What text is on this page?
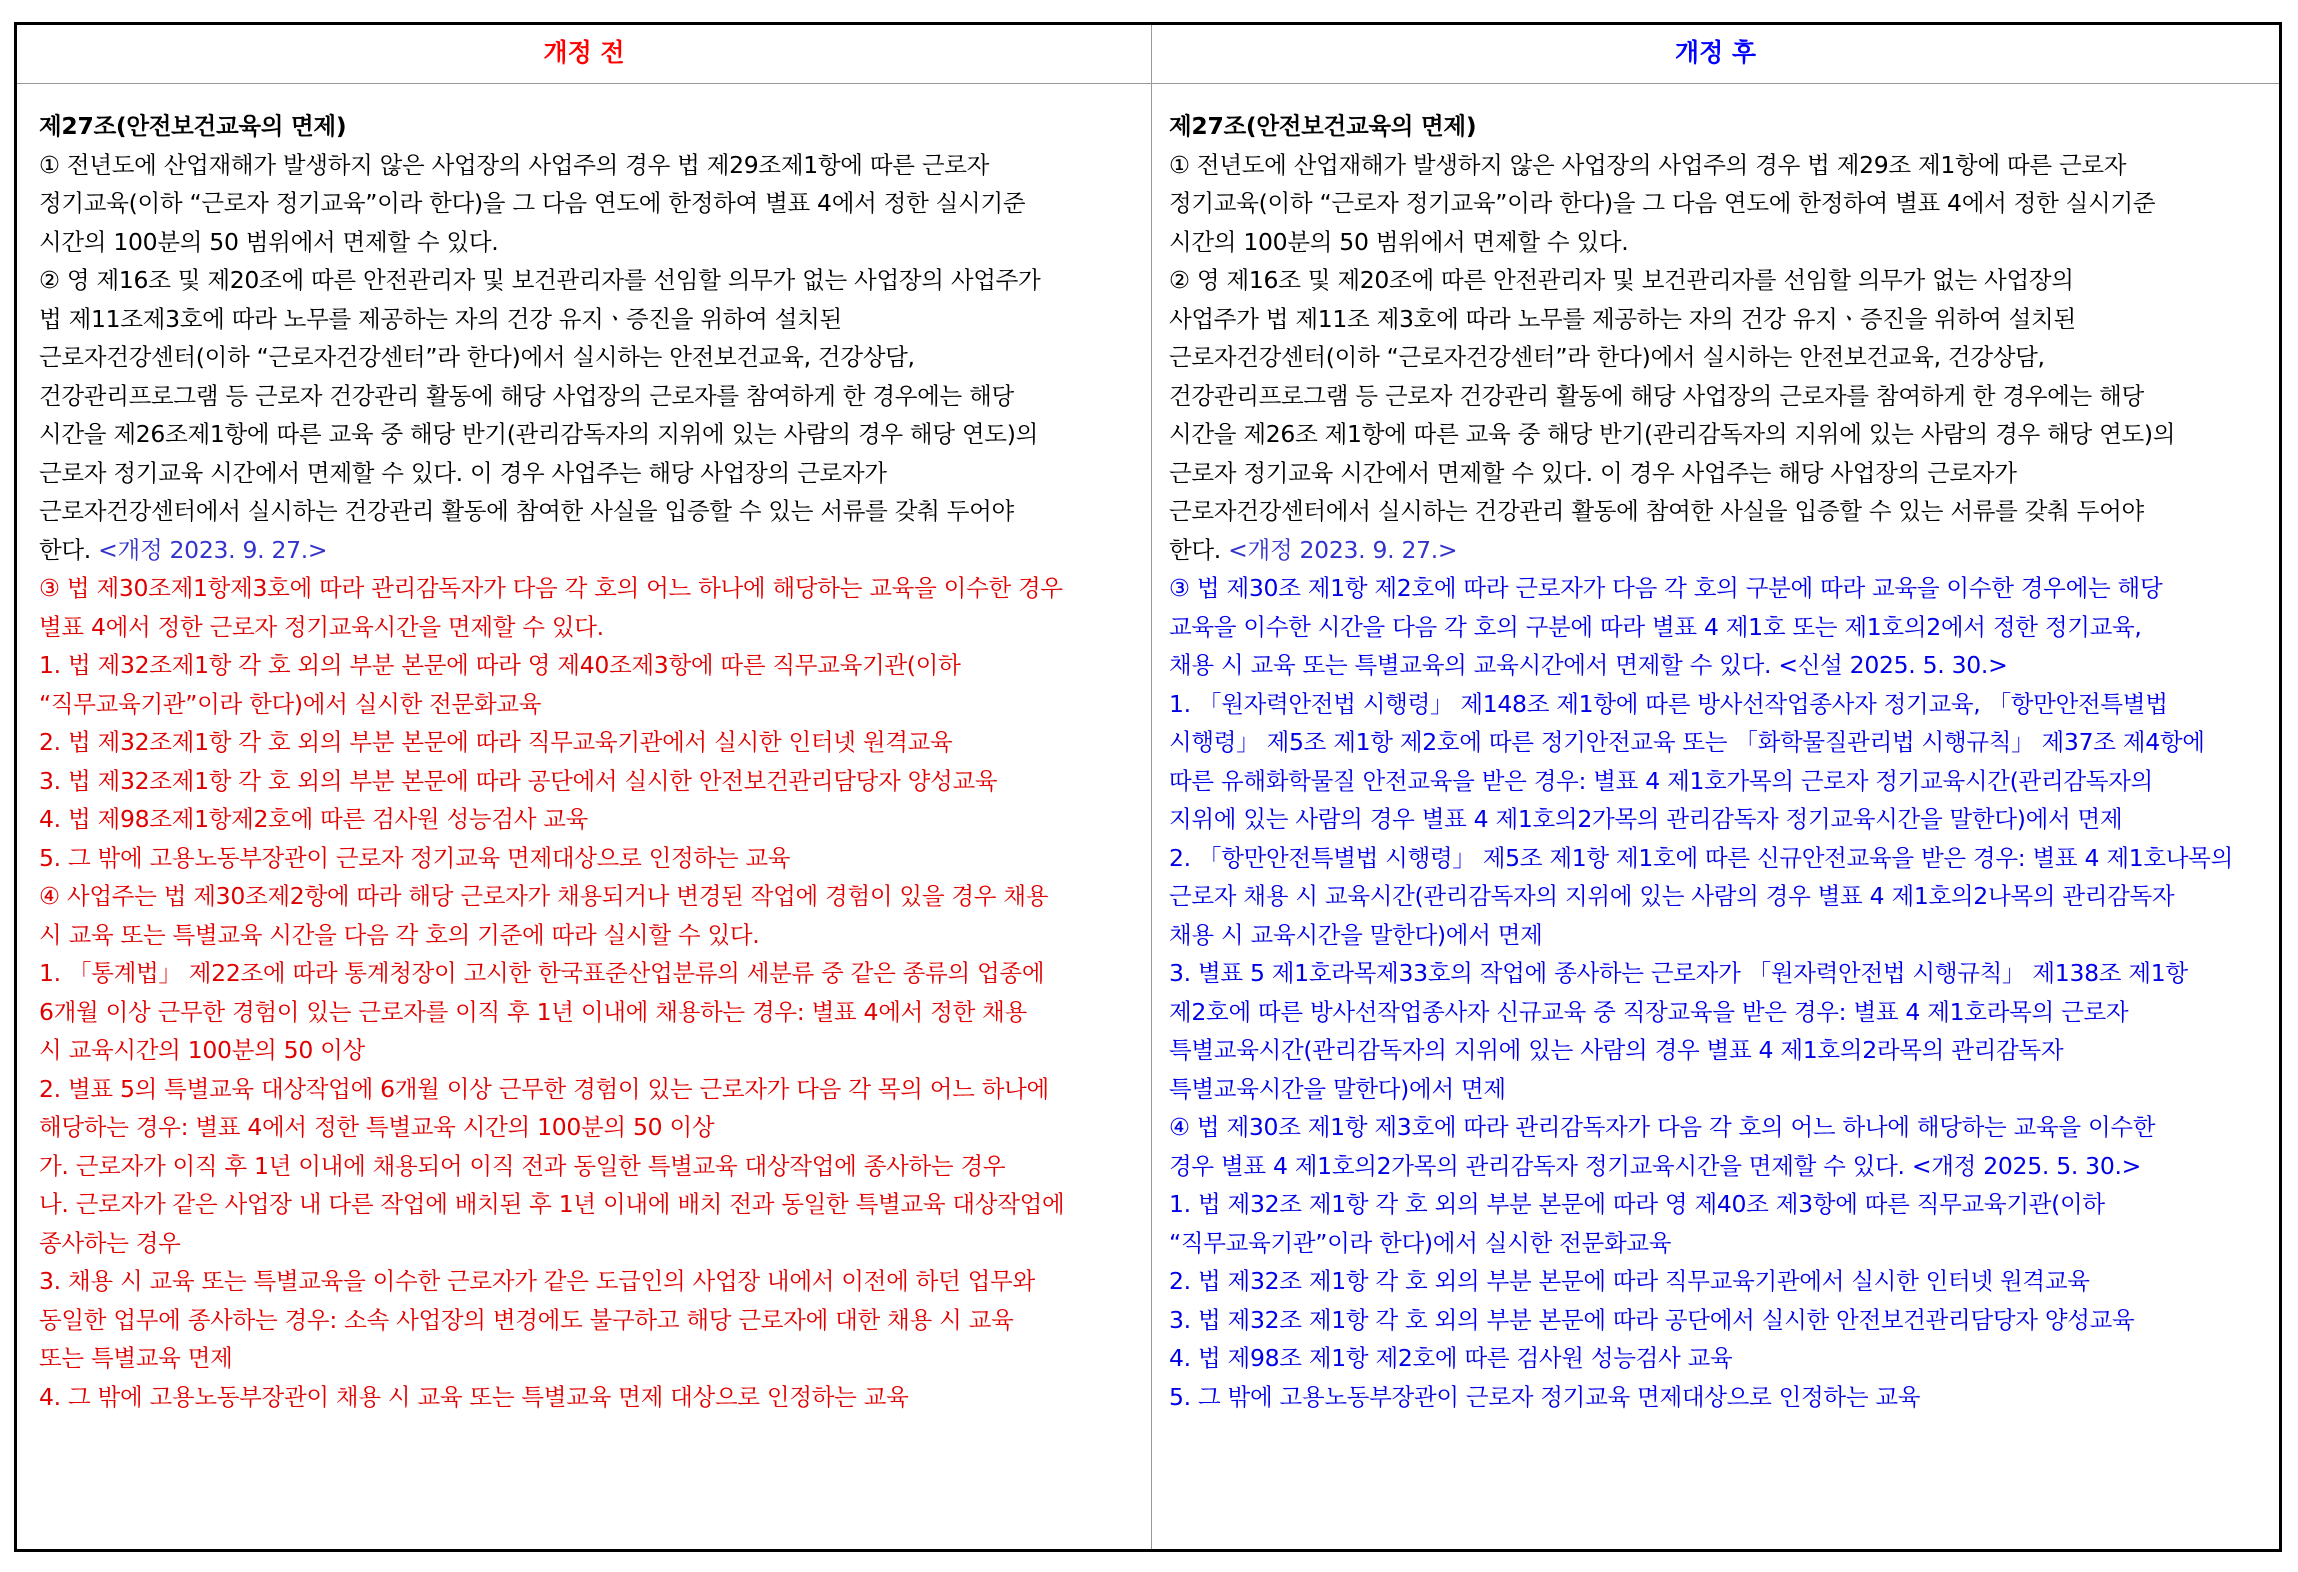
개정 전	개정 후
제27조(안전보건교육의 면제)
① 전년도에 산업재해가 발생하지 않은 사업장의 사업주의 경우 법 제29조제1항에 따른 근로자
정기교육(이하 “근로자 정기교육”이라 한다)을 그 다음 연도에 한정하여 별표 4에서 정한 실시기준
시간의 100분의 50 범위에서 면제할 수 있다.
② 영 제16조 및 제20조에 따른 안전관리자 및 보건관리자를 선임할 의무가 없는 사업장의 사업주가
법 제11조제3호에 따라 노무를 제공하는 자의 건강 유지ㆍ증진을 위하여 설치된
근로자건강센터(이하 “근로자건강센터”라 한다)에서 실시하는 안전보건교육, 건강상담,
건강관리프로그램 등 근로자 건강관리 활동에 해당 사업장의 근로자를 참여하게 한 경우에는 해당
시간을 제26조제1항에 따른 교육 중 해당 반기(관리감독자의 지위에 있는 사람의 경우 해당 연도)의
근로자 정기교육 시간에서 면제할 수 있다. 이 경우 사업주는 해당 사업장의 근로자가
근로자건강센터에서 실시하는 건강관리 활동에 참여한 사실을 입증할 수 있는 서류를 갖춰 두어야
한다. <개정 2023. 9. 27.>
③ 법 제30조제1항제3호에 따라 관리감독자가 다음 각 호의 어느 하나에 해당하는 교육을 이수한 경우
별표 4에서 정한 근로자 정기교육시간을 면제할 수 있다.
1. 법 제32조제1항 각 호 외의 부분 본문에 따라 영 제40조제3항에 따른 직무교육기관(이하
“직무교육기관”이라 한다)에서 실시한 전문화교육
2. 법 제32조제1항 각 호 외의 부분 본문에 따라 직무교육기관에서 실시한 인터넷 원격교육
3. 법 제32조제1항 각 호 외의 부분 본문에 따라 공단에서 실시한 안전보건관리담당자 양성교육
4. 법 제98조제1항제2호에 따른 검사원 성능검사 교육
5. 그 밖에 고용노동부장관이 근로자 정기교육 면제대상으로 인정하는 교육
④ 사업주는 법 제30조제2항에 따라 해당 근로자가 채용되거나 변경된 작업에 경험이 있을 경우 채용
시 교육 또는 특별교육 시간을 다음 각 호의 기준에 따라 실시할 수 있다.
1. 「통계법」 제22조에 따라 통계청장이 고시한 한국표준산업분류의 세분류 중 같은 종류의 업종에
6개월 이상 근무한 경험이 있는 근로자를 이직 후 1년 이내에 채용하는 경우: 별표 4에서 정한 채용
시 교육시간의 100분의 50 이상
2. 별표 5의 특별교육 대상작업에 6개월 이상 근무한 경험이 있는 근로자가 다음 각 목의 어느 하나에
해당하는 경우: 별표 4에서 정한 특별교육 시간의 100분의 50 이상
가. 근로자가 이직 후 1년 이내에 채용되어 이직 전과 동일한 특별교육 대상작업에 종사하는 경우
나. 근로자가 같은 사업장 내 다른 작업에 배치된 후 1년 이내에 배치 전과 동일한 특별교육 대상작업에
종사하는 경우
3. 채용 시 교육 또는 특별교육을 이수한 근로자가 같은 도급인의 사업장 내에서 이전에 하던 업무와
동일한 업무에 종사하는 경우: 소속 사업장의 변경에도 불구하고 해당 근로자에 대한 채용 시 교육
또는 특별교육 면제
4. 그 밖에 고용노동부장관이 채용 시 교육 또는 특별교육 면제 대상으로 인정하는 교육
제27조(안전보건교육의 면제)
① 전년도에 산업재해가 발생하지 않은 사업장의 사업주의 경우 법 제29조 제1항에 따른 근로자
정기교육(이하 “근로자 정기교육”이라 한다)을 그 다음 연도에 한정하여 별표 4에서 정한 실시기준
시간의 100분의 50 범위에서 면제할 수 있다.
② 영 제16조 및 제20조에 따른 안전관리자 및 보건관리자를 선임할 의무가 없는 사업장의
사업주가 법 제11조 제3호에 따라 노무를 제공하는 자의 건강 유지ㆍ증진을 위하여 설치된
근로자건강센터(이하 “근로자건강센터”라 한다)에서 실시하는 안전보건교육, 건강상담,
건강관리프로그램 등 근로자 건강관리 활동에 해당 사업장의 근로자를 참여하게 한 경우에는 해당
시간을 제26조 제1항에 따른 교육 중 해당 반기(관리감독자의 지위에 있는 사람의 경우 해당 연도)의
근로자 정기교육 시간에서 면제할 수 있다. 이 경우 사업주는 해당 사업장의 근로자가
근로자건강센터에서 실시하는 건강관리 활동에 참여한 사실을 입증할 수 있는 서류를 갖춰 두어야
한다. <개정 2023. 9. 27.>
③ 법 제30조 제1항 제2호에 따라 근로자가 다음 각 호의 구분에 따라 교육을 이수한 경우에는 해당
교육을 이수한 시간을 다음 각 호의 구분에 따라 별표 4 제1호 또는 제1호의2에서 정한 정기교육,
채용 시 교육 또는 특별교육의 교육시간에서 면제할 수 있다. <신설 2025. 5. 30.>
1. 「원자력안전법 시행령」 제148조 제1항에 따른 방사선작업종사자 정기교육, 「항만안전특별법
시행령」 제5조 제1항 제2호에 따른 정기안전교육 또는 「화학물질관리법 시행규칙」 제37조 제4항에
따른 유해화학물질 안전교육을 받은 경우: 별표 4 제1호가목의 근로자 정기교육시간(관리감독자의
지위에 있는 사람의 경우 별표 4 제1호의2가목의 관리감독자 정기교육시간을 말한다)에서 면제
2. 「항만안전특별법 시행령」 제5조 제1항 제1호에 따른 신규안전교육을 받은 경우: 별표 4 제1호나목의
근로자 채용 시 교육시간(관리감독자의 지위에 있는 사람의 경우 별표 4 제1호의2나목의 관리감독자
채용 시 교육시간을 말한다)에서 면제
3. 별표 5 제1호라목제33호의 작업에 종사하는 근로자가 「원자력안전법 시행규칙」 제138조 제1항
제2호에 따른 방사선작업종사자 신규교육 중 직장교육을 받은 경우: 별표 4 제1호라목의 근로자
특별교육시간(관리감독자의 지위에 있는 사람의 경우 별표 4 제1호의2라목의 관리감독자
특별교육시간을 말한다)에서 면제
④ 법 제30조 제1항 제3호에 따라 관리감독자가 다음 각 호의 어느 하나에 해당하는 교육을 이수한
경우 별표 4 제1호의2가목의 관리감독자 정기교육시간을 면제할 수 있다. <개정 2025. 5. 30.>
1. 법 제32조 제1항 각 호 외의 부분 본문에 따라 영 제40조 제3항에 따른 직무교육기관(이하
“직무교육기관”이라 한다)에서 실시한 전문화교육
2. 법 제32조 제1항 각 호 외의 부분 본문에 따라 직무교육기관에서 실시한 인터넷 원격교육
3. 법 제32조 제1항 각 호 외의 부분 본문에 따라 공단에서 실시한 안전보건관리담당자 양성교육
4. 법 제98조 제1항 제2호에 따른 검사원 성능검사 교육
5. 그 밖에 고용노동부장관이 근로자 정기교육 면제대상으로 인정하는 교육
